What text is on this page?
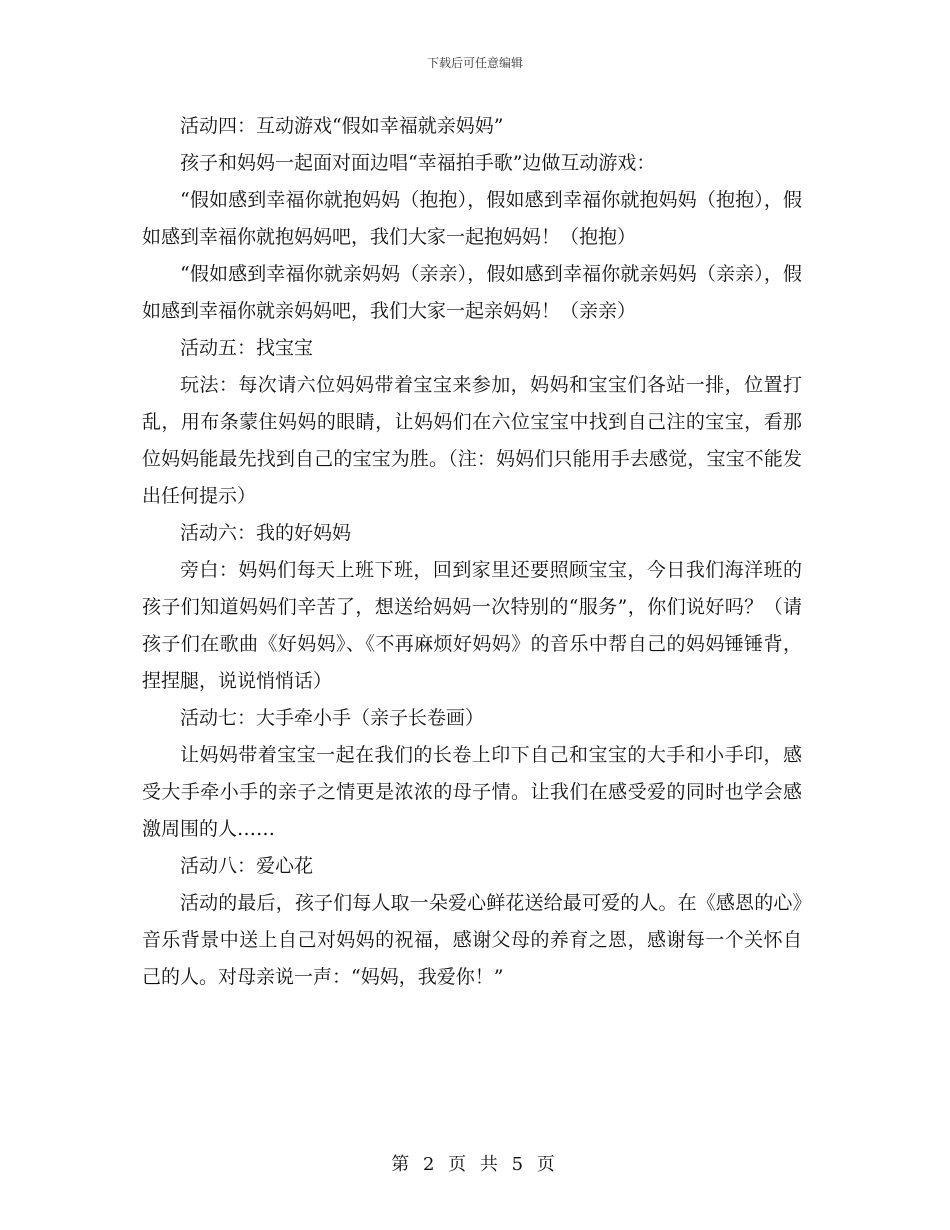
下载后可任意编辑

活动四：互动游戏“假如幸福就亲妈妈”

孩子和妈妈一起面对面边唱“幸福拍手歌”边做互动游戏：

“假如感到幸福你就抱妈妈（抱抱），假如感到幸福你就抱妈妈（抱抱），假如感到幸福你就抱妈妈吧，我们大家一起抱妈妈！（抱抱）

“假如感到幸福你就亲妈妈（亲亲），假如感到幸福你就亲妈妈（亲亲），假如感到幸福你就亲妈妈吧，我们大家一起亲妈妈！（亲亲）

活动五：找宝宝

玩法：每次请六位妈妈带着宝宝来参加，妈妈和宝宝们各站一排，位置打乱，用布条蒙住妈妈的眼睛，让妈妈们在六位宝宝中找到自己注的宝宝，看那位妈妈能最先找到自己的宝宝为胜。（注：妈妈们只能用手去感觉，宝宝不能发出任何提示）

活动六：我的好妈妈

旁白：妈妈们每天上班下班，回到家里还要照顾宝宝，今日我们海洋班的孩子们知道妈妈们辛苦了，想送给妈妈一次特别的“服务”，你们说好吗？（请孩子们在歌曲《好妈妈》、《不再麻烦好妈妈》的音乐中帮自己的妈妈锤锤背，捏捏腿，说说悄悄话）

活动七：大手牵小手（亲子长卷画）

让妈妈带着宝宝一起在我们的长卷上印下自己和宝宝的大手和小手印，感受大手牵小手的亲子之情更是浓浓的母子情。让我们在感受爱的同时也学会感激周围的人……

活动八：爱心花

活动的最后，孩子们每人取一朵爱心鲜花送给最可爱的人。在《感恩的心》音乐背景中送上自己对妈妈的祝福，感谢父母的养育之恩，感谢每一个关怀自己的人。对母亲说一声：“妈妈，我爱你！”

第 2 页 共 5 页
